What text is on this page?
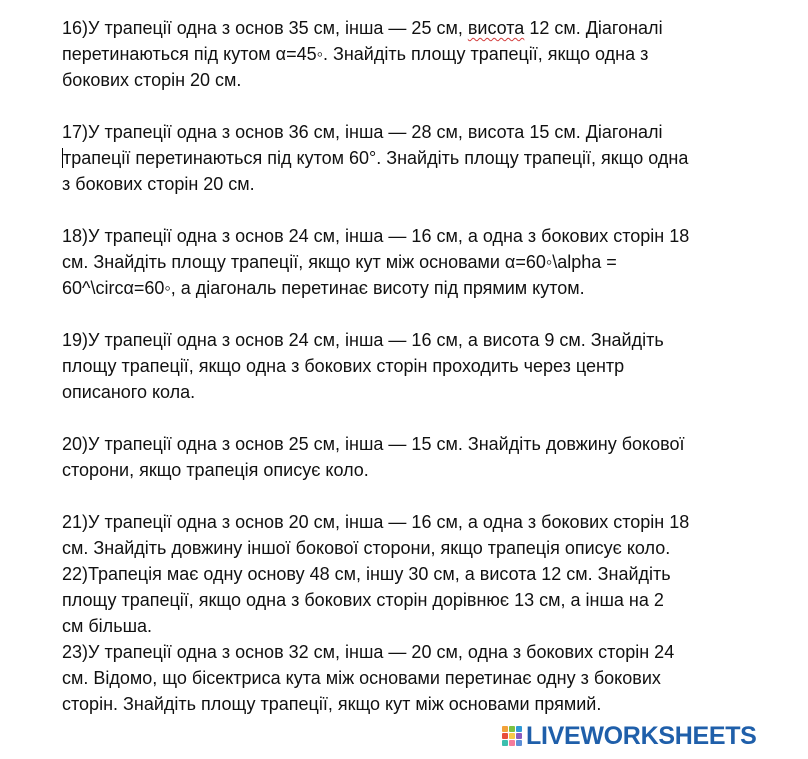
16)У трапеції одна з основ 35 см, інша — 25 см, висота 12 см. Діагоналі
перетинаються під кутом α=45◦. Знайдіть площу трапеції, якщо одна з
бокових сторін 20 см.
17)У трапеції одна з основ 36 см, інша — 28 см, висота 15 см. Діагоналі
трапеції перетинаються під кутом 60°. Знайдіть площу трапеції, якщо одна
з бокових сторін 20 см.
18)У трапеції одна з основ 24 см, інша — 16 см, а одна з бокових сторін 18
см. Знайдіть площу трапеції, якщо кут між основами α=60◦\alpha =
60^\circα=60◦, а діагональ перетинає висоту під прямим кутом.
19)У трапеції одна з основ 24 см, інша — 16 см, а висота 9 см. Знайдіть
площу трапеції, якщо одна з бокових сторін проходить через центр
описаного кола.
20)У трапеції одна з основ 25 см, інша — 15 см. Знайдіть довжину бокової
сторони, якщо трапеція описує коло.
21)У трапеції одна з основ 20 см, інша — 16 см, а одна з бокових сторін 18
см. Знайдіть довжину іншої бокової сторони, якщо трапеція описує коло.
22)Трапеція має одну основу 48 см, іншу 30 см, а висота 12 см. Знайдіть
площу трапеції, якщо одна з бокових сторін дорівнює 13 см, а інша на 2
см більша.
23)У трапеції одна з основ 32 см, інша — 20 см, одна з бокових сторін 24
см. Відомо, що бісектриса кута між основами перетинає одну з бокових
сторін. Знайдіть площу трапеції, якщо кут між основами прямий.
LIVEWORKSHEETS
